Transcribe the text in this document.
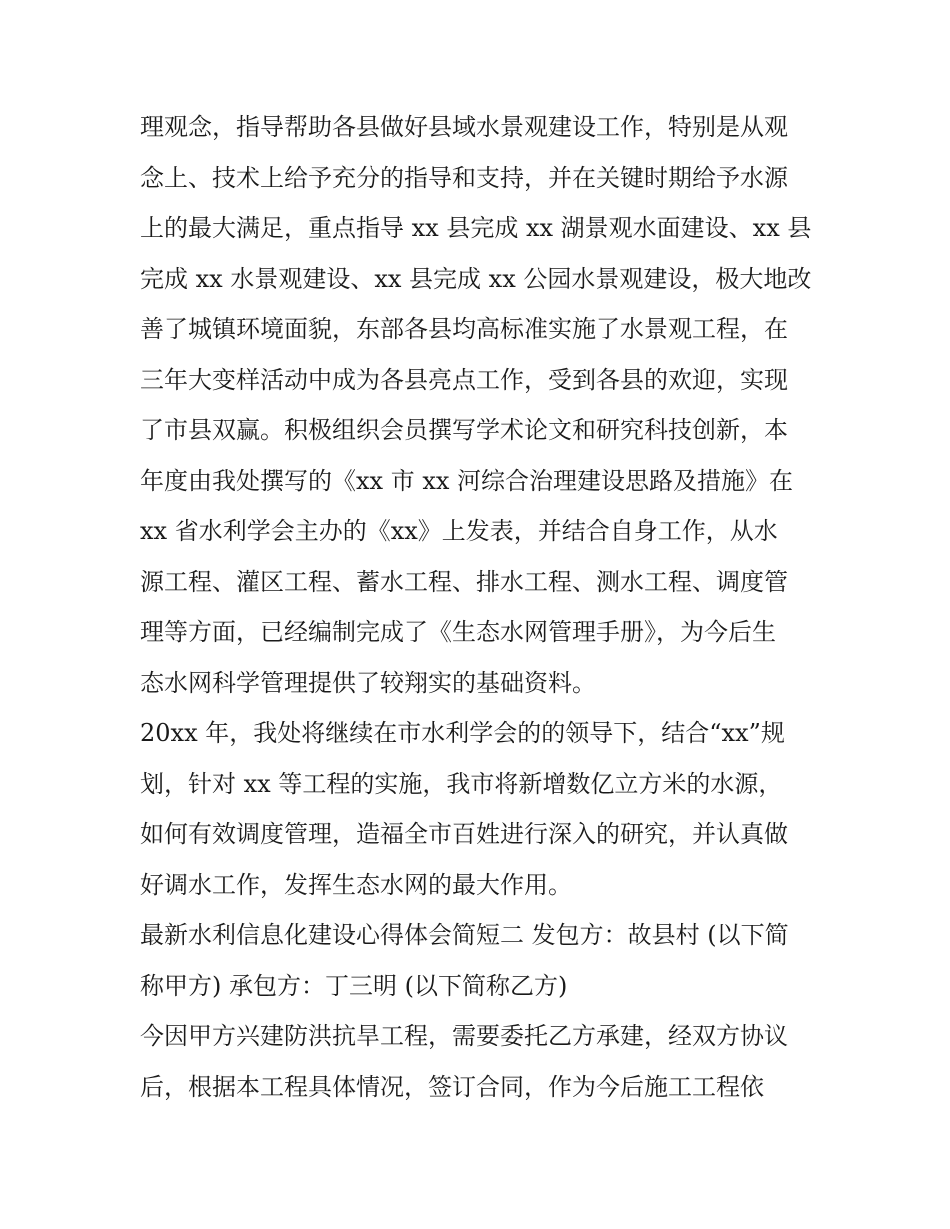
理观念，指导帮助各县做好县域水景观建设工作，特别是从观
念上、技术上给予充分的指导和支持，并在关键时期给予水源
上的最大满足，重点指导 xx 县完成 xx 湖景观水面建设、xx 县
完成 xx 水景观建设、xx 县完成 xx 公园水景观建设，极大地改
善了城镇环境面貌，东部各县均高标准实施了水景观工程，在
三年大变样活动中成为各县亮点工作，受到各县的欢迎，实现
了市县双赢。积极组织会员撰写学术论文和研究科技创新，本
年度由我处撰写的《xx 市 xx 河综合治理建设思路及措施》在
xx 省水利学会主办的《xx》上发表，并结合自身工作，从水
源工程、灌区工程、蓄水工程、排水工程、测水工程、调度管
理等方面，已经编制完成了《生态水网管理手册》，为今后生
态水网科学管理提供了较翔实的基础资料。
20xx 年，我处将继续在市水利学会的的领导下，结合“xx”规
划，针对 xx 等工程的实施，我市将新增数亿立方米的水源，
如何有效调度管理，造福全市百姓进行深入的研究，并认真做
好调水工作，发挥生态水网的最大作用。
最新水利信息化建设心得体会简短二 发包方：故县村 (以下简
称甲方) 承包方：丁三明 (以下简称乙方)
今因甲方兴建防洪抗旱工程，需要委托乙方承建，经双方协议
后，根据本工程具体情况，签订合同，作为今后施工工程依
